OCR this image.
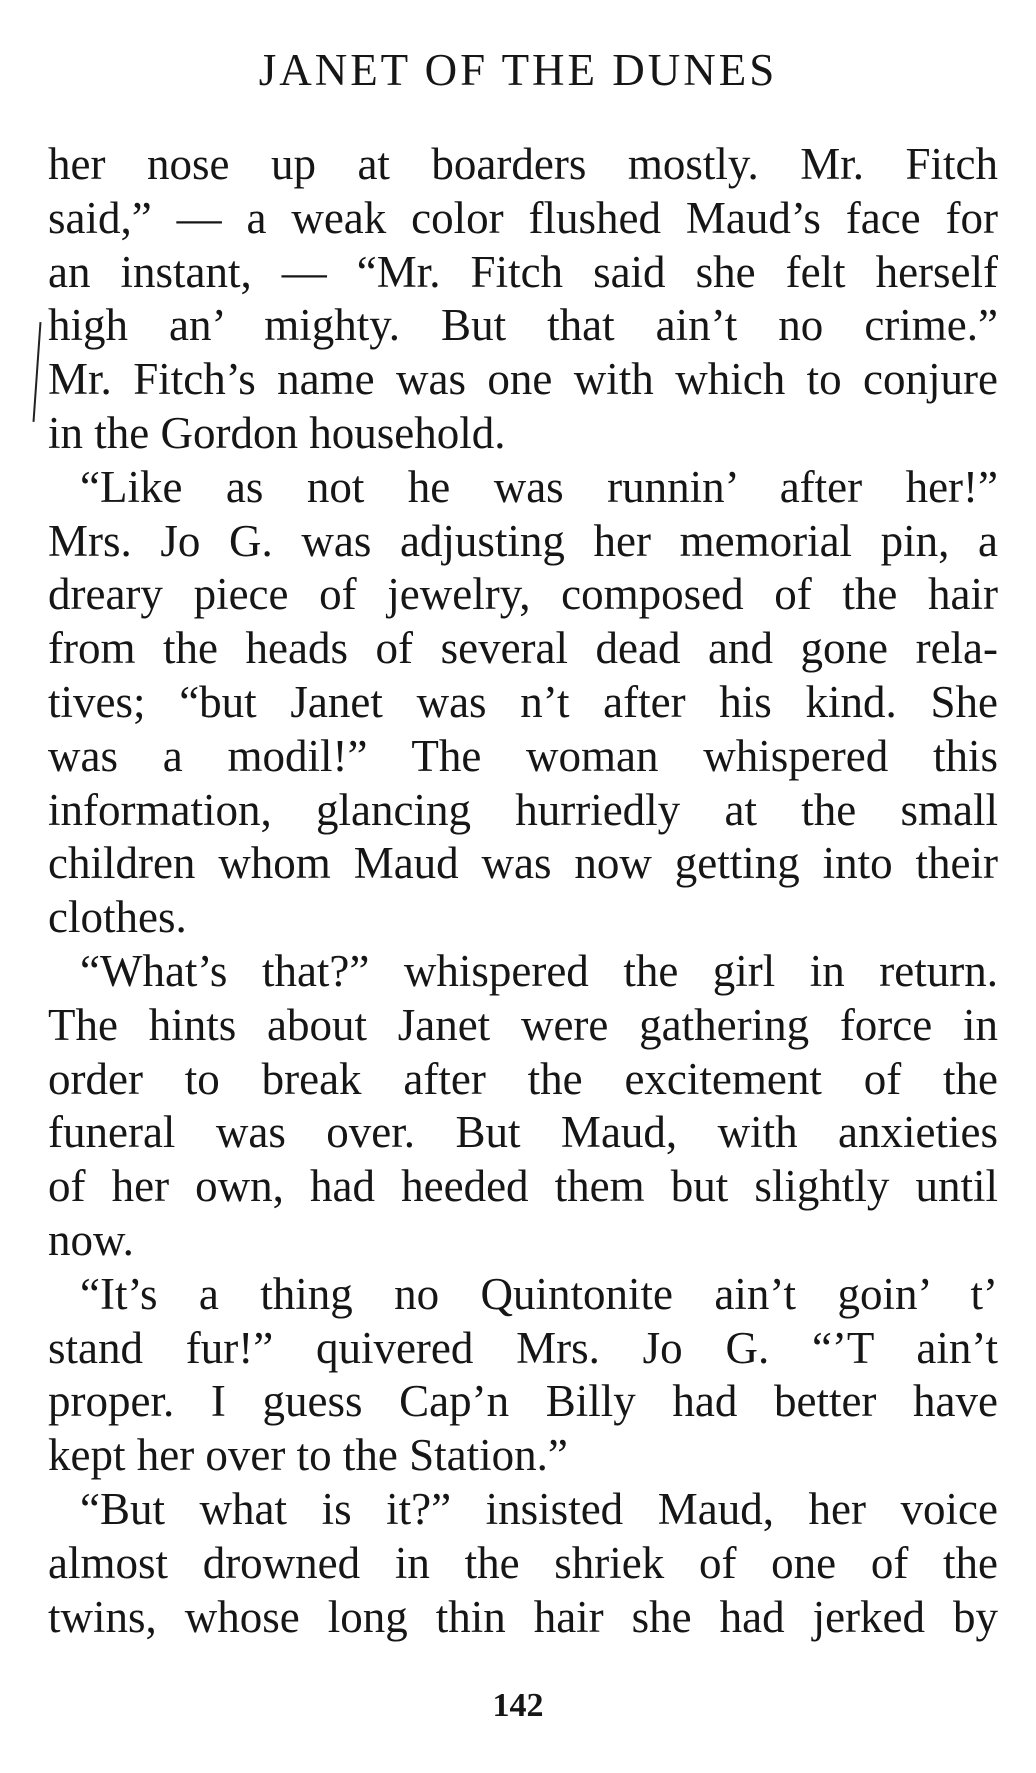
JANET OF THE DUNES
her nose up at boarders mostly. Mr. Fitch
said,” — a weak color flushed Maud’s face for
an instant, — “Mr. Fitch said she felt herself
high an’ mighty. But that ain’t no crime.”
Mr. Fitch’s name was one with which to conjure
in the Gordon household.
“Like as not he was runnin’ after her!”
Mrs. Jo G. was adjusting her memorial pin, a
dreary piece of jewelry, composed of the hair
from the heads of several dead and gone rela-
tives; “but Janet was n’t after his kind. She
was a modil!” The woman whispered this
information, glancing hurriedly at the small
children whom Maud was now getting into their
clothes.
“What’s that?” whispered the girl in return.
The hints about Janet were gathering force in
order to break after the excitement of the
funeral was over. But Maud, with anxieties
of her own, had heeded them but slightly until
now.
“It’s a thing no Quintonite ain’t goin’ t’
stand fur!” quivered Mrs. Jo G. “’T ain’t
proper. I guess Cap’n Billy had better have
kept her over to the Station.”
“But what is it?” insisted Maud, her voice
almost drowned in the shriek of one of the
twins, whose long thin hair she had jerked by
142
